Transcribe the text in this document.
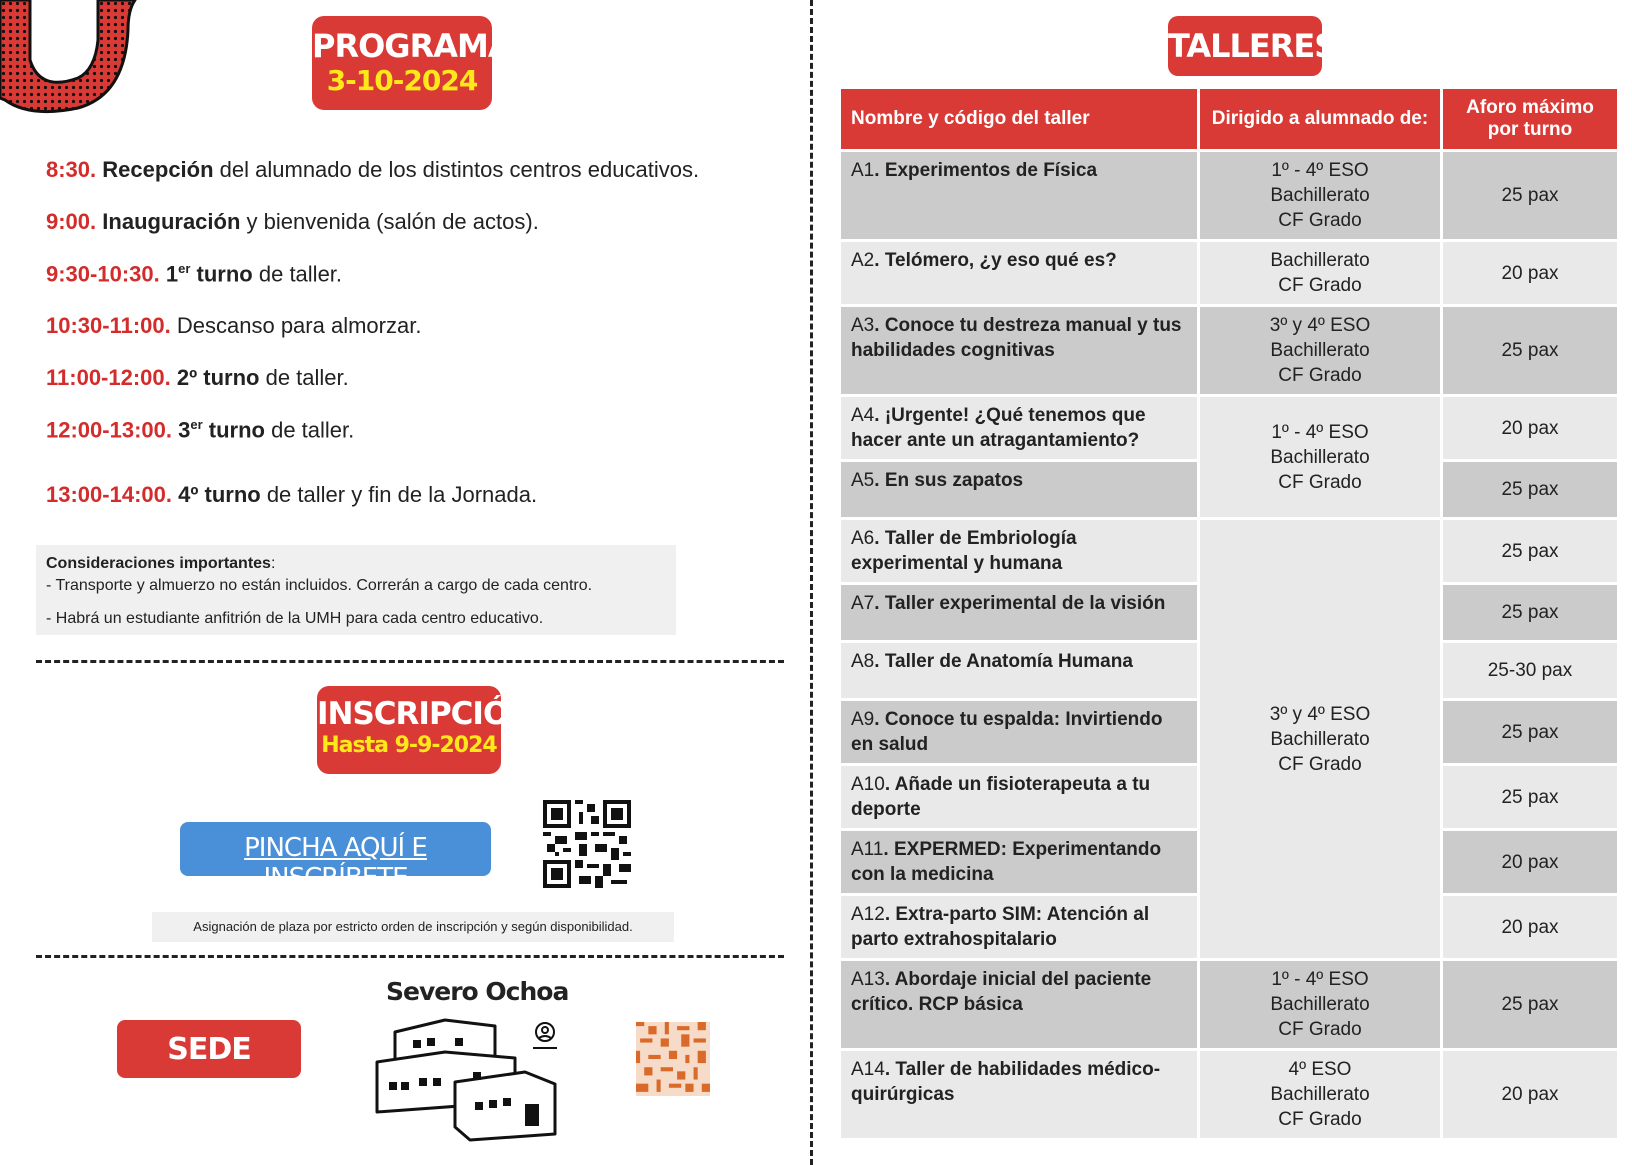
PROGRAMA
3-10-2024
8:30. Recepción del alumnado de los distintos centros educativos.
9:00. Inauguración y bienvenida (salón de actos).
9:30-10:30. 1er turno de taller.
10:30-11:00. Descanso para almorzar.
11:00-12:00. 2º turno de taller.
12:00-13:00. 3er turno de taller.
13:00-14:00. 4º turno de taller y fin de la Jornada.
Consideraciones importantes:
- Transporte y almuerzo no están incluidos. Correrán a cargo de cada centro.
- Habrá un estudiante anfitrión de la UMH para cada centro educativo.
INSCRIPCIÓN
Hasta 9-9-2024
PINCHA AQUÍ E INSCRÍBETE
Asignación de plaza por estricto orden de inscripción y según disponibilidad.
SEDE
Severo Ochoa
TALLERES
Nombre y código del taller	Dirigido a alumnado de:	Aforo máximo por turno
A1. Experimentos de Física	1º - 4º ESO
Bachillerato
CF Grado	25 pax
A2. Telómero, ¿y eso qué es?	Bachillerato
CF Grado	20 pax
A3. Conoce tu destreza manual y tus habilidades cognitivas	3º y 4º ESO
Bachillerato
CF Grado	25 pax
A4. ¡Urgente! ¿Qué tenemos que hacer ante un atragantamiento?	1º - 4º ESO
Bachillerato
CF Grado	20 pax
A5. En sus zapatos		25 pax
A6. Taller de Embriología experimental y humana	3º y 4º ESO
Bachillerato
CF Grado	25 pax
A7. Taller experimental de la visión		25 pax
A8. Taller de Anatomía Humana		25-30 pax
A9. Conoce tu espalda: Invirtiendo en salud		25 pax
A10. Añade un fisioterapeuta a tu deporte		25 pax
A11. EXPERMED: Experimentando con la medicina		20 pax
A12. Extra-parto SIM: Atención al parto extrahospitalario		20 pax
A13. Abordaje inicial del paciente crítico. RCP básica	1º - 4º ESO
Bachillerato
CF Grado	25 pax
A14. Taller de habilidades médico-quirúrgicas	4º ESO
Bachillerato
CF Grado	20 pax
